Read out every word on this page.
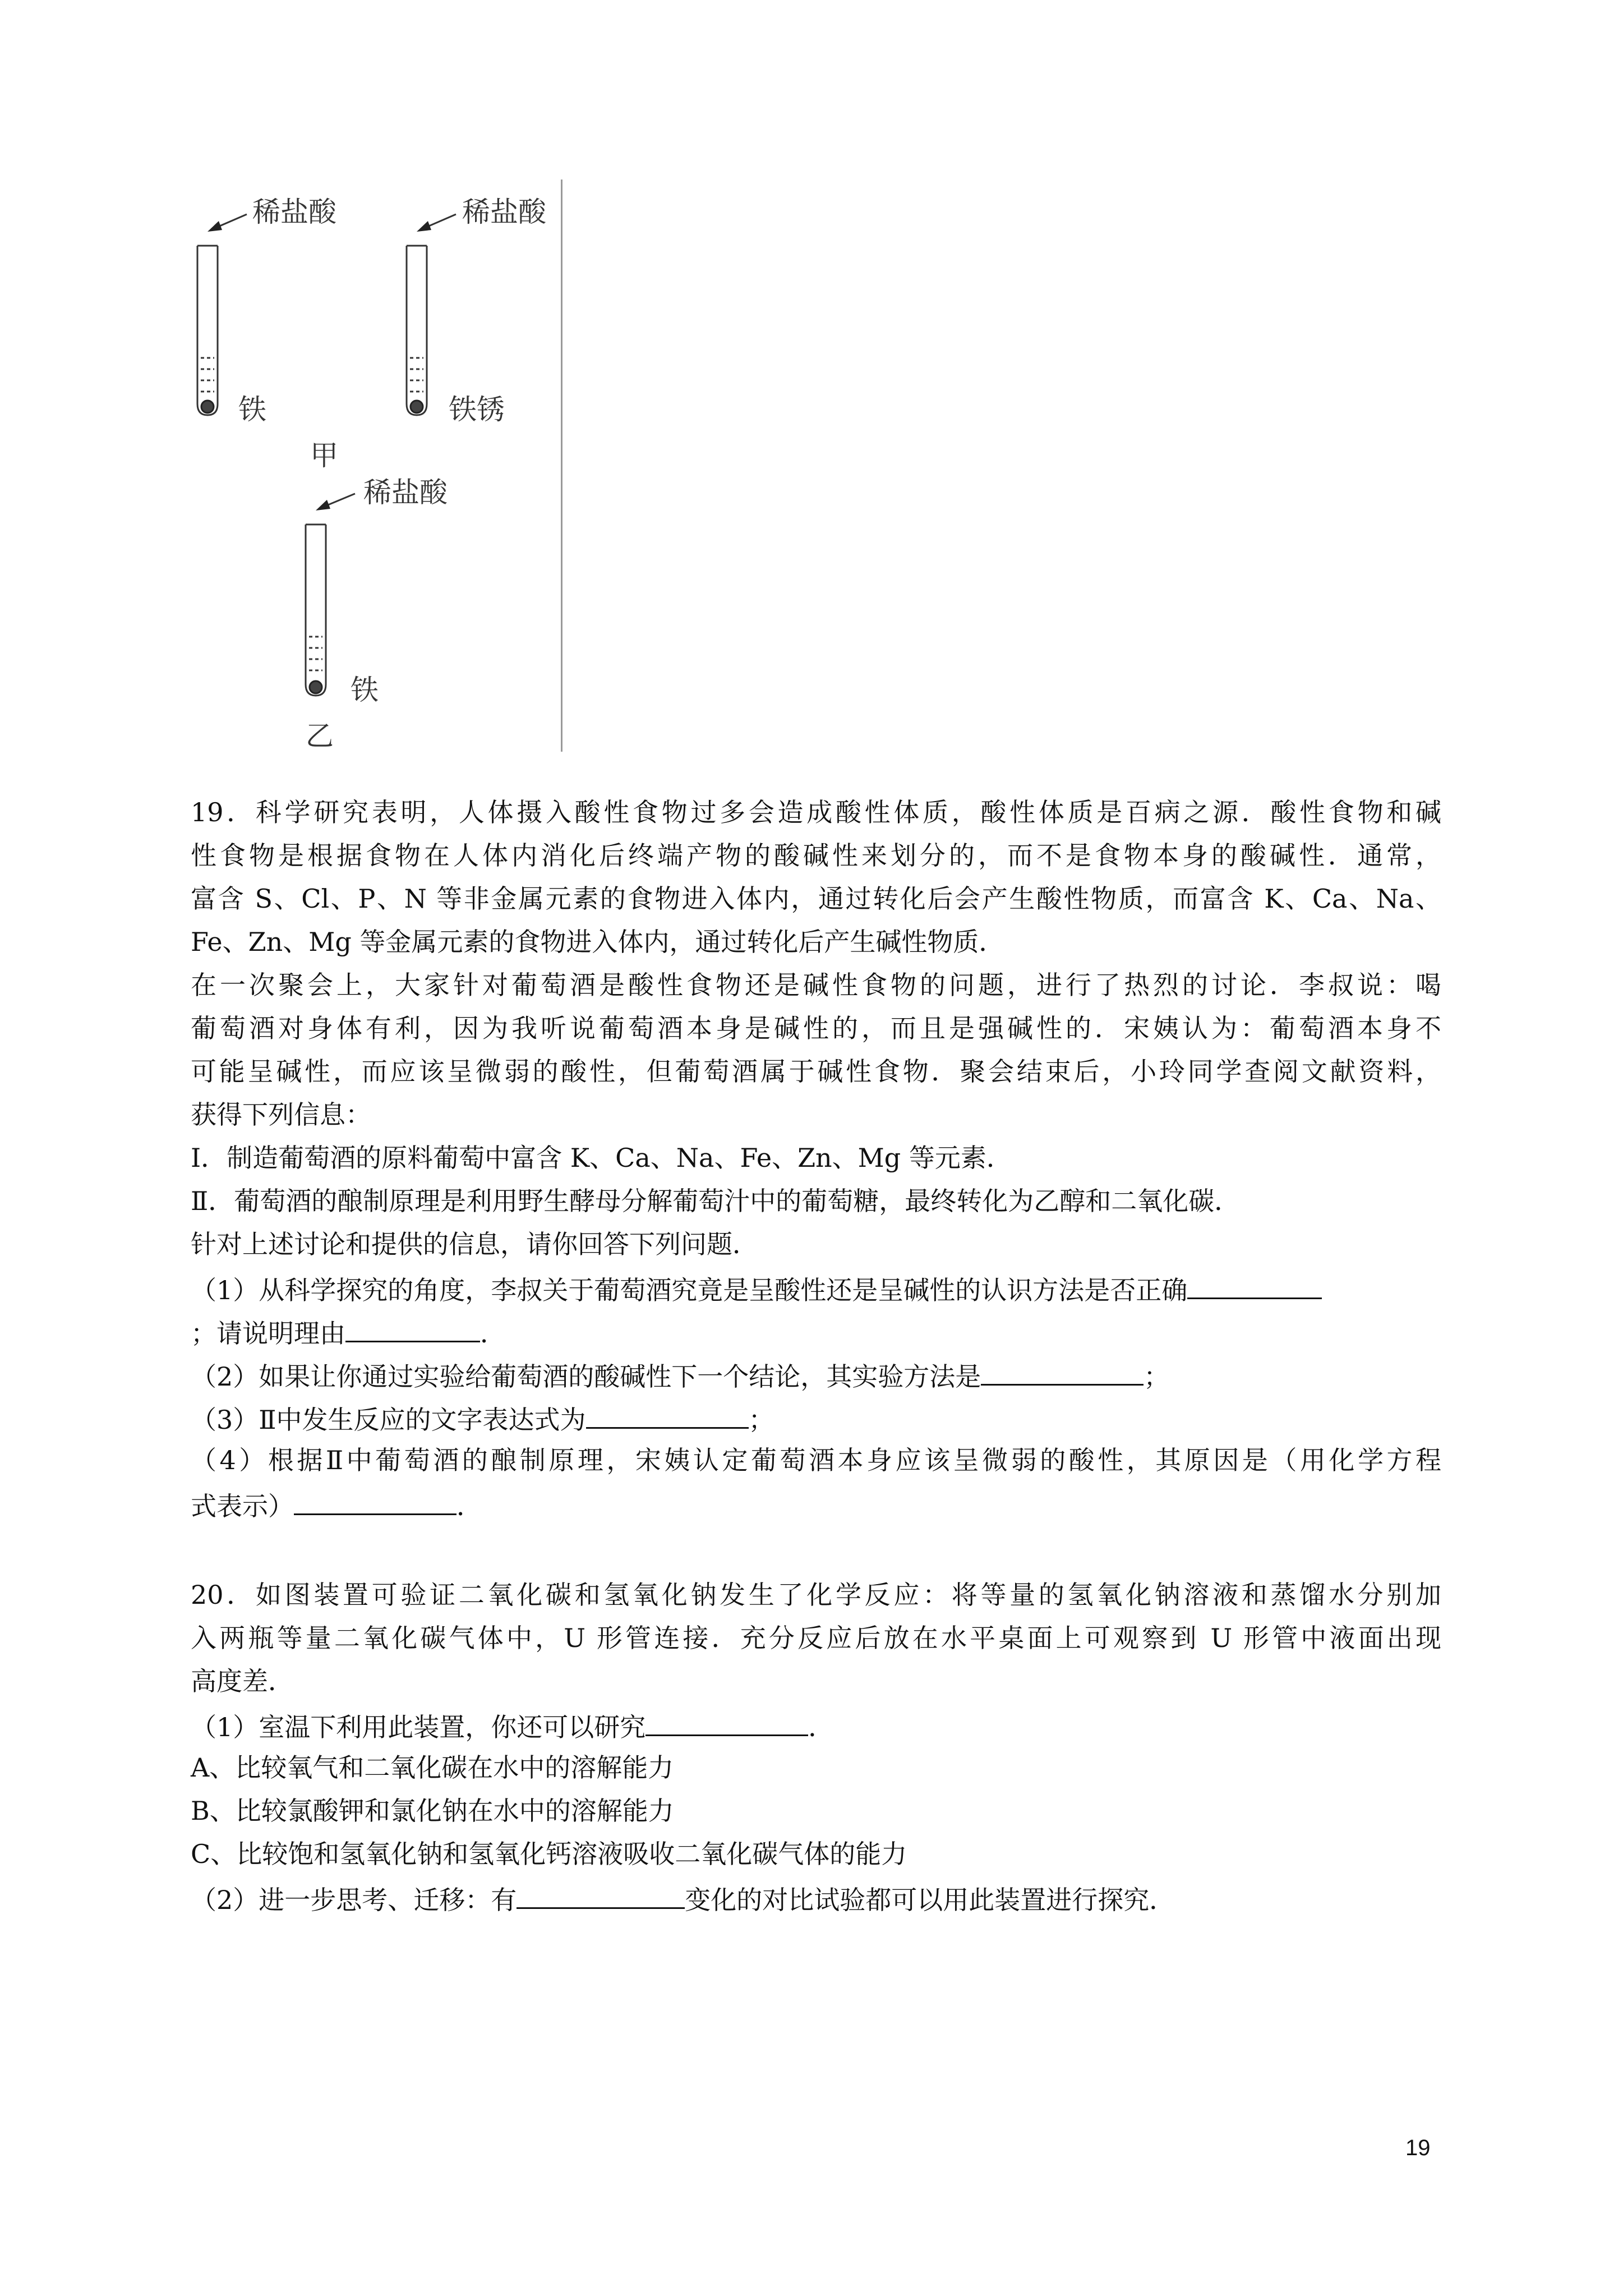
稀盐酸	稀盐酸
稀盐酸
铁	铁锈
铁
甲
乙
19．科学研究表明，人体摄入酸性食物过多会造成酸性体质，酸性体质是百病之源．酸性食物和碱
性食物是根据食物在人体内消化后终端产物的酸碱性来划分的，而不是食物本身的酸碱性．通常，
富含 S、Cl、P、N 等非金属元素的食物进入体内，通过转化后会产生酸性物质，而富含 K、Ca、Na、
Fe、Zn、Mg 等金属元素的食物进入体内，通过转化后产生碱性物质．
在一次聚会上，大家针对葡萄酒是酸性食物还是碱性食物的问题，进行了热烈的讨论．李叔说：喝
葡萄酒对身体有利，因为我听说葡萄酒本身是碱性的，而且是强碱性的．宋姨认为：葡萄酒本身不
可能呈碱性，而应该呈微弱的酸性，但葡萄酒属于碱性食物．聚会结束后，小玲同学查阅文献资料，
获得下列信息：
Ⅰ．制造葡萄酒的原料葡萄中富含 K、Ca、Na、Fe、Zn、Mg 等元素．
Ⅱ．葡萄酒的酿制原理是利用野生酵母分解葡萄汁中的葡萄糖，最终转化为乙醇和二氧化碳．
针对上述讨论和提供的信息，请你回答下列问题．
（1）从科学探究的角度，李叔关于葡萄酒究竟是呈酸性还是呈碱性的认识方法是否正确
；请说明理由	．
（2）如果让你通过实验给葡萄酒的酸碱性下一个结论，其实验方法是	；
（3）Ⅱ中发生反应的文字表达式为	；
（4）根据Ⅱ中葡萄酒的酿制原理，宋姨认定葡萄酒本身应该呈微弱的酸性，其原因是（用化学方程
式表示）	．
20．如图装置可验证二氧化碳和氢氧化钠发生了化学反应：将等量的氢氧化钠溶液和蒸馏水分别加
入两瓶等量二氧化碳气体中，U 形管连接．充分反应后放在水平桌面上可观察到 U 形管中液面出现
高度差．
（1）室温下利用此装置，你还可以研究	．
A、比较氧气和二氧化碳在水中的溶解能力
B、比较氯酸钾和氯化钠在水中的溶解能力
C、比较饱和氢氧化钠和氢氧化钙溶液吸收二氧化碳气体的能力
（2）进一步思考、迁移：有	变化的对比试验都可以用此装置进行探究．
19
